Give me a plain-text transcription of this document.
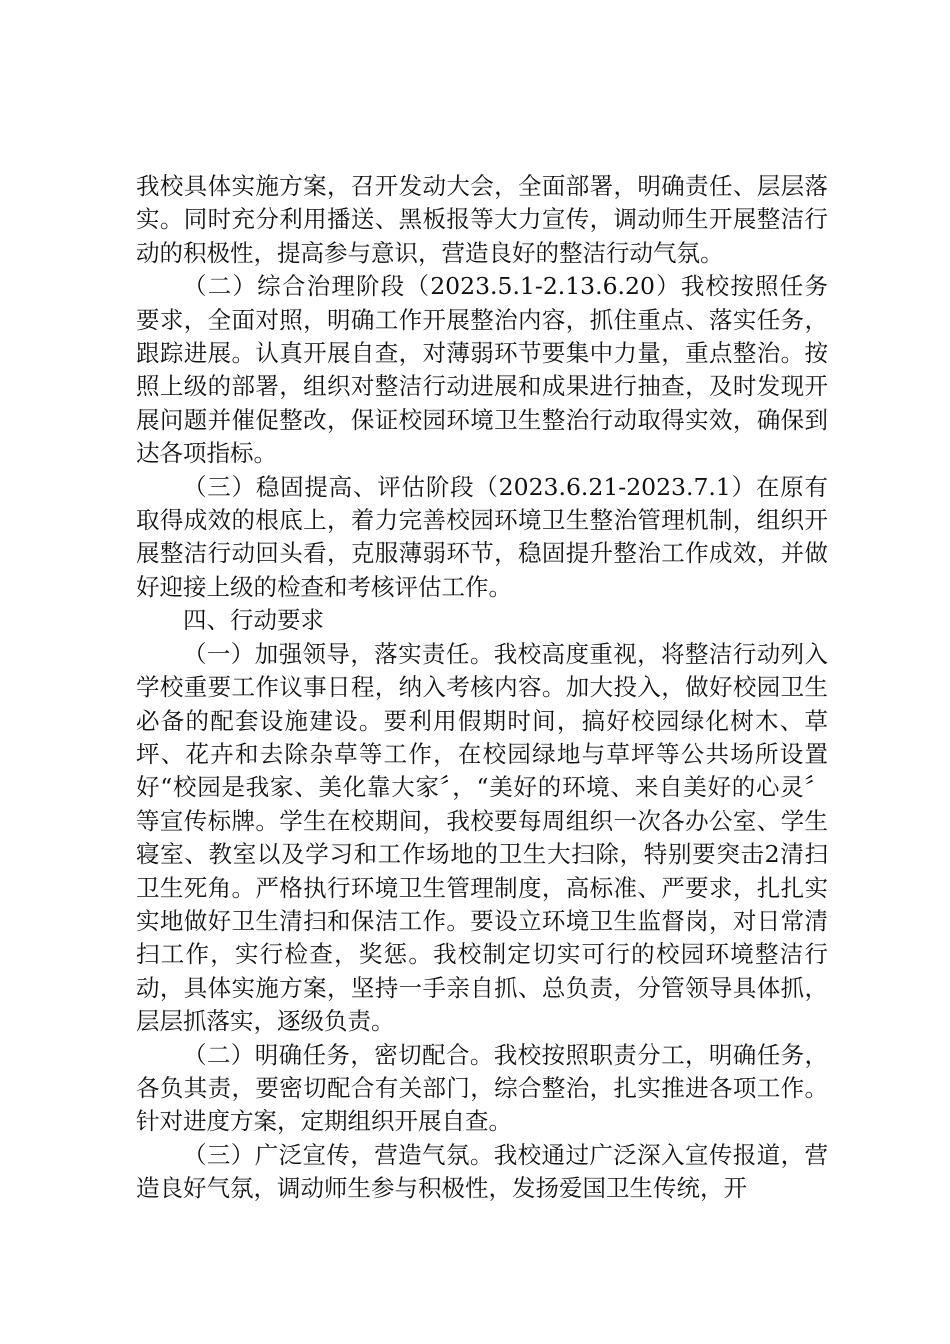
我校具体实施方案，召开发动大会，全面部署，明确责任、层层落实。同时充分利用播送、黑板报等大力宣传，调动师生开展整洁行动的积极性，提高参与意识，营造良好的整洁行动气氛。

（二）综合治理阶段（2023.5.1-2.13.6.20）我校按照任务要求，全面对照，明确工作开展整治内容，抓住重点、落实任务，跟踪进展。认真开展自查，对薄弱环节要集中力量，重点整治。按照上级的部署，组织对整洁行动进展和成果进行抽查，及时发现开展问题并催促整改，保证校园环境卫生整治行动取得实效，确保到达各项指标。

（三）稳固提高、评估阶段（2023.6.21-2023.7.1）在原有取得成效的根底上，着力完善校园环境卫生整治管理机制，组织开展整洁行动回头看，克服薄弱环节，稳固提升整治工作成效，并做好迎接上级的检查和考核评估工作。

四、行动要求

（一）加强领导，落实责任。我校高度重视，将整洁行动列入学校重要工作议事日程，纳入考核内容。加大投入，做好校园卫生必备的配套设施建设。要利用假期时间，搞好校园绿化树木、草坪、花卉和去除杂草等工作，在校园绿地与草坪等公共场所设置好“校园是我家、美化靠大家〞，“美好的环境、来自美好的心灵〞等宣传标牌。学生在校期间，我校要每周组织一次各办公室、学生寝室、教室以及学习和工作场地的卫生大扫除，特别要突击2清扫卫生死角。严格执行环境卫生管理制度，高标准、严要求，扎扎实实地做好卫生清扫和保洁工作。要设立环境卫生监督岗，对日常清扫工作，实行检查，奖惩。我校制定切实可行的校园环境整洁行动，具体实施方案，坚持一手亲自抓、总负责，分管领导具体抓，层层抓落实，逐级负责。

（二）明确任务，密切配合。我校按照职责分工，明确任务，各负其责，要密切配合有关部门，综合整治，扎实推进各项工作。针对进度方案，定期组织开展自查。

（三）广泛宣传，营造气氛。我校通过广泛深入宣传报道，营造良好气氛，调动师生参与积极性，发扬爱国卫生传统，开
